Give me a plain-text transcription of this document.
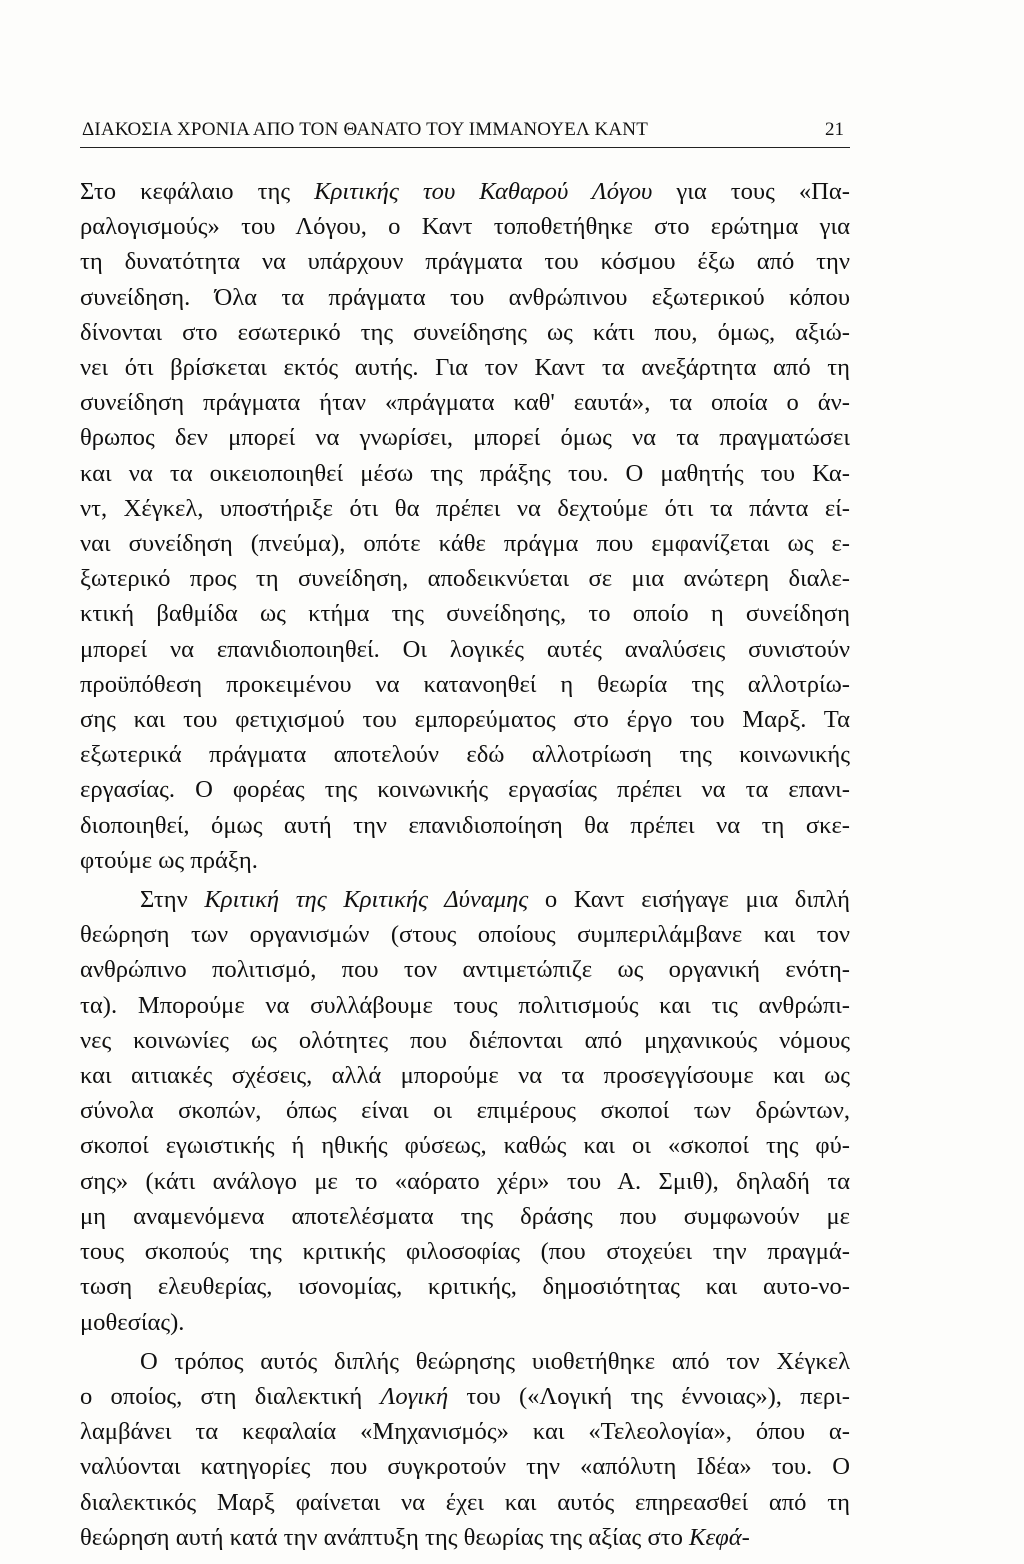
ΔΙΑΚΟΣΙΑ ΧΡΟΝΙΑ ΑΠΟ ΤΟΝ ΘΑΝΑΤΟ ΤΟΥ ΙΜΜΑΝΟΥΕΛ ΚΑΝΤ	21
Στο κεφάλαιο της Κριτικής του Καθαρού Λόγου για τους «Πα-
ραλογισμούς» του Λόγου, ο Καντ τοποθετήθηκε στο ερώτημα για
τη δυνατότητα να υπάρχουν πράγματα του κόσμου έξω από την
συνείδηση. Όλα τα πράγματα του ανθρώπινου εξωτερικού κόπου
δίνονται στο εσωτερικό της συνείδησης ως κάτι που, όμως, αξιώ-
νει ότι βρίσκεται εκτός αυτής. Για τον Καντ τα ανεξάρτητα από τη
συνείδηση πράγματα ήταν «πράγματα καθ' εαυτά», τα οποία ο άν-
θρωπος δεν μπορεί να γνωρίσει, μπορεί όμως να τα πραγματώσει
και να τα οικειοποιηθεί μέσω της πράξης του. Ο μαθητής του Κα-
ντ, Χέγκελ, υποστήριξε ότι θα πρέπει να δεχτούμε ότι τα πάντα εί-
ναι συνείδηση (πνεύμα), οπότε κάθε πράγμα που εμφανίζεται ως ε-
ξωτερικό προς τη συνείδηση, αποδεικνύεται σε μια ανώτερη διαλε-
κτική βαθμίδα ως κτήμα της συνείδησης, το οποίο η συνείδηση
μπορεί να επανιδιοποιηθεί. Οι λογικές αυτές αναλύσεις συνιστούν
προϋπόθεση προκειμένου να κατανοηθεί η θεωρία της αλλοτρίω-
σης και του φετιχισμού του εμπορεύματος στο έργο του Μαρξ. Τα
εξωτερικά πράγματα αποτελούν εδώ αλλοτρίωση της κοινωνικής
εργασίας. Ο φορέας της κοινωνικής εργασίας πρέπει να τα επανι-
διοποιηθεί, όμως αυτή την επανιδιοποίηση θα πρέπει να τη σκε-
φτούμε ως πράξη.
Στην Κριτική της Κριτικής Δύναμης ο Καντ εισήγαγε μια διπλή
θεώρηση των οργανισμών (στους οποίους συμπεριλάμβανε και τον
ανθρώπινο πολιτισμό, που τον αντιμετώπιζε ως οργανική ενότη-
τα). Μπορούμε να συλλάβουμε τους πολιτισμούς και τις ανθρώπι-
νες κοινωνίες ως ολότητες που διέπονται από μηχανικούς νόμους
και αιτιακές σχέσεις, αλλά μπορούμε να τα προσεγγίσουμε και ως
σύνολα σκοπών, όπως είναι οι επιμέρους σκοποί των δρώντων,
σκοποί εγωιστικής ή ηθικής φύσεως, καθώς και οι «σκοποί της φύ-
σης» (κάτι ανάλογο με το «αόρατο χέρι» του Α. Σμιθ), δηλαδή τα
μη αναμενόμενα αποτελέσματα της δράσης που συμφωνούν με
τους σκοπούς της κριτικής φιλοσοφίας (που στοχεύει την πραγμά-
τωση ελευθερίας, ισονομίας, κριτικής, δημοσιότητας και αυτο-νο-
μοθεσίας).
Ο τρόπος αυτός διπλής θεώρησης υιοθετήθηκε από τον Χέγκελ
ο οποίος, στη διαλεκτική Λογική του («Λογική της έννοιας»), περι-
λαμβάνει τα κεφαλαία «Μηχανισμός» και «Τελεολογία», όπου α-
ναλύονται κατηγορίες που συγκροτούν την «απόλυτη Ιδέα» του. Ο
διαλεκτικός Μαρξ φαίνεται να έχει και αυτός επηρεασθεί από τη
θεώρηση αυτή κατά την ανάπτυξη της θεωρίας της αξίας στο Κεφά-
